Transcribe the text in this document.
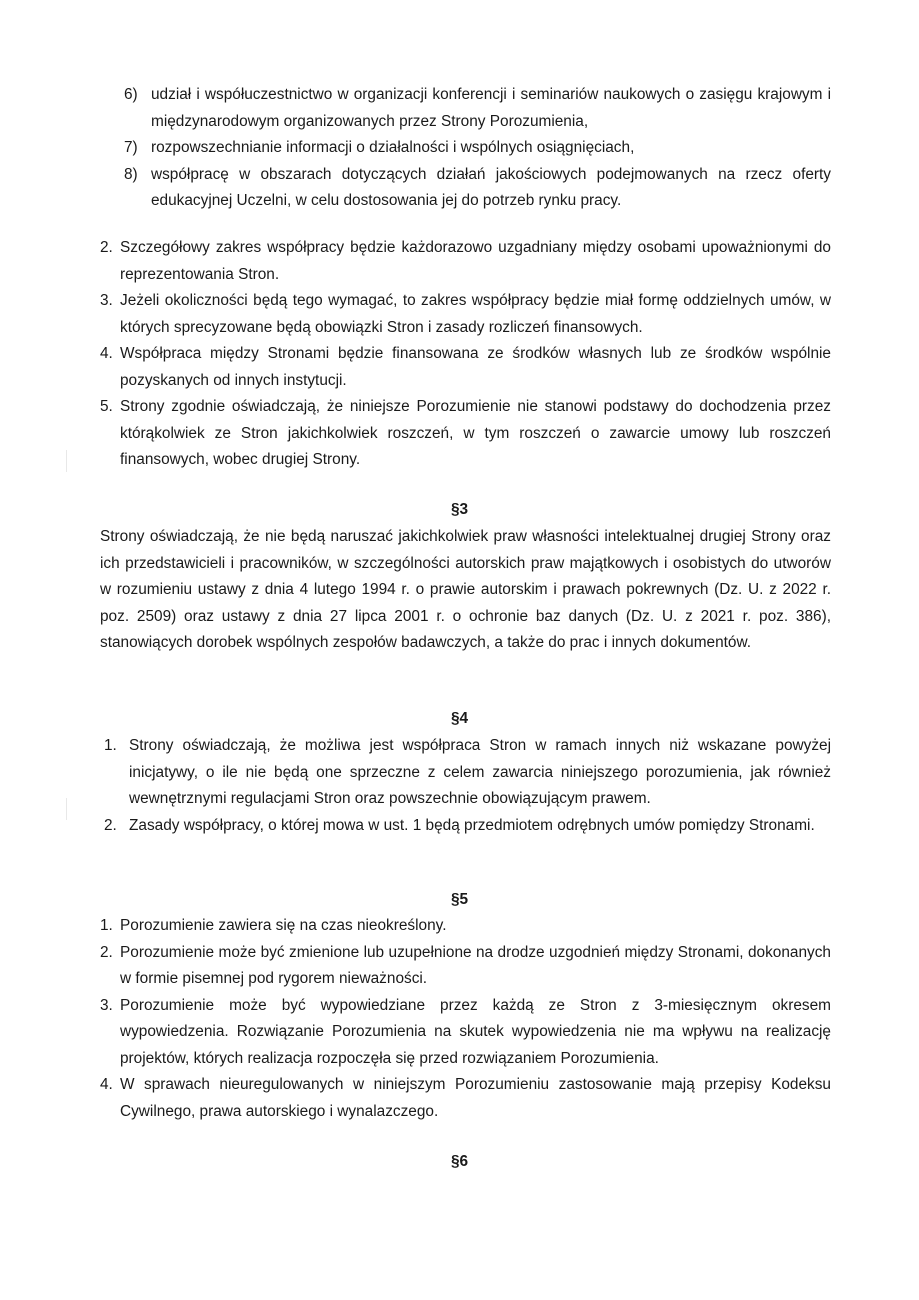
6) udział i współuczestnictwo w organizacji konferencji i seminariów naukowych o zasięgu krajowym i międzynarodowym organizowanych przez Strony Porozumienia,
7) rozpowszechnianie informacji o działalności i wspólnych osiągnięciach,
8) współpracę w obszarach dotyczących działań jakościowych podejmowanych na rzecz oferty edukacyjnej Uczelni, w celu dostosowania jej do potrzeb rynku pracy.
2. Szczegółowy zakres współpracy będzie każdorazowo uzgadniany między osobami upoważnionymi do reprezentowania Stron.
3. Jeżeli okoliczności będą tego wymagać, to zakres współpracy będzie miał formę oddzielnych umów, w których sprecyzowane będą obowiązki Stron i zasady rozliczeń finansowych.
4. Współpraca między Stronami będzie finansowana ze środków własnych lub ze środków wspólnie pozyskanych od innych instytucji.
5. Strony zgodnie oświadczają, że niniejsze Porozumienie nie stanowi podstawy do dochodzenia przez którąkolwiek ze Stron jakichkolwiek roszczeń, w tym roszczeń o zawarcie umowy lub roszczeń finansowych, wobec drugiej Strony.
§3
Strony oświadczają, że nie będą naruszać jakichkolwiek praw własności intelektualnej drugiej Strony oraz ich przedstawicieli i pracowników, w szczególności autorskich praw majątkowych i osobistych do utworów w rozumieniu ustawy z dnia 4 lutego 1994 r. o prawie autorskim i prawach pokrewnych (Dz. U. z 2022 r. poz. 2509) oraz ustawy z dnia 27 lipca 2001 r. o ochronie baz danych (Dz. U. z 2021 r. poz. 386), stanowiących dorobek wspólnych zespołów badawczych, a także do prac i innych dokumentów.
§4
1. Strony oświadczają, że możliwa jest współpraca Stron w ramach innych niż wskazane powyżej inicjatywy, o ile nie będą one sprzeczne z celem zawarcia niniejszego porozumienia, jak również wewnętrznymi regulacjami Stron oraz powszechnie obowiązującym prawem.
2. Zasady współpracy, o której mowa w ust. 1 będą przedmiotem odrębnych umów pomiędzy Stronami.
§5
1. Porozumienie zawiera się na czas nieokreślony.
2. Porozumienie może być zmienione lub uzupełnione na drodze uzgodnień między Stronami, dokonanych w formie pisemnej pod rygorem nieważności.
3. Porozumienie może być wypowiedziane przez każdą ze Stron z 3-miesięcznym okresem wypowiedzenia. Rozwiązanie Porozumienia na skutek wypowiedzenia nie ma wpływu na realizację projektów, których realizacja rozpoczęła się przed rozwiązaniem Porozumienia.
4. W sprawach nieuregulowanych w niniejszym Porozumieniu zastosowanie mają przepisy Kodeksu Cywilnego, prawa autorskiego i wynalazczego.
§6
